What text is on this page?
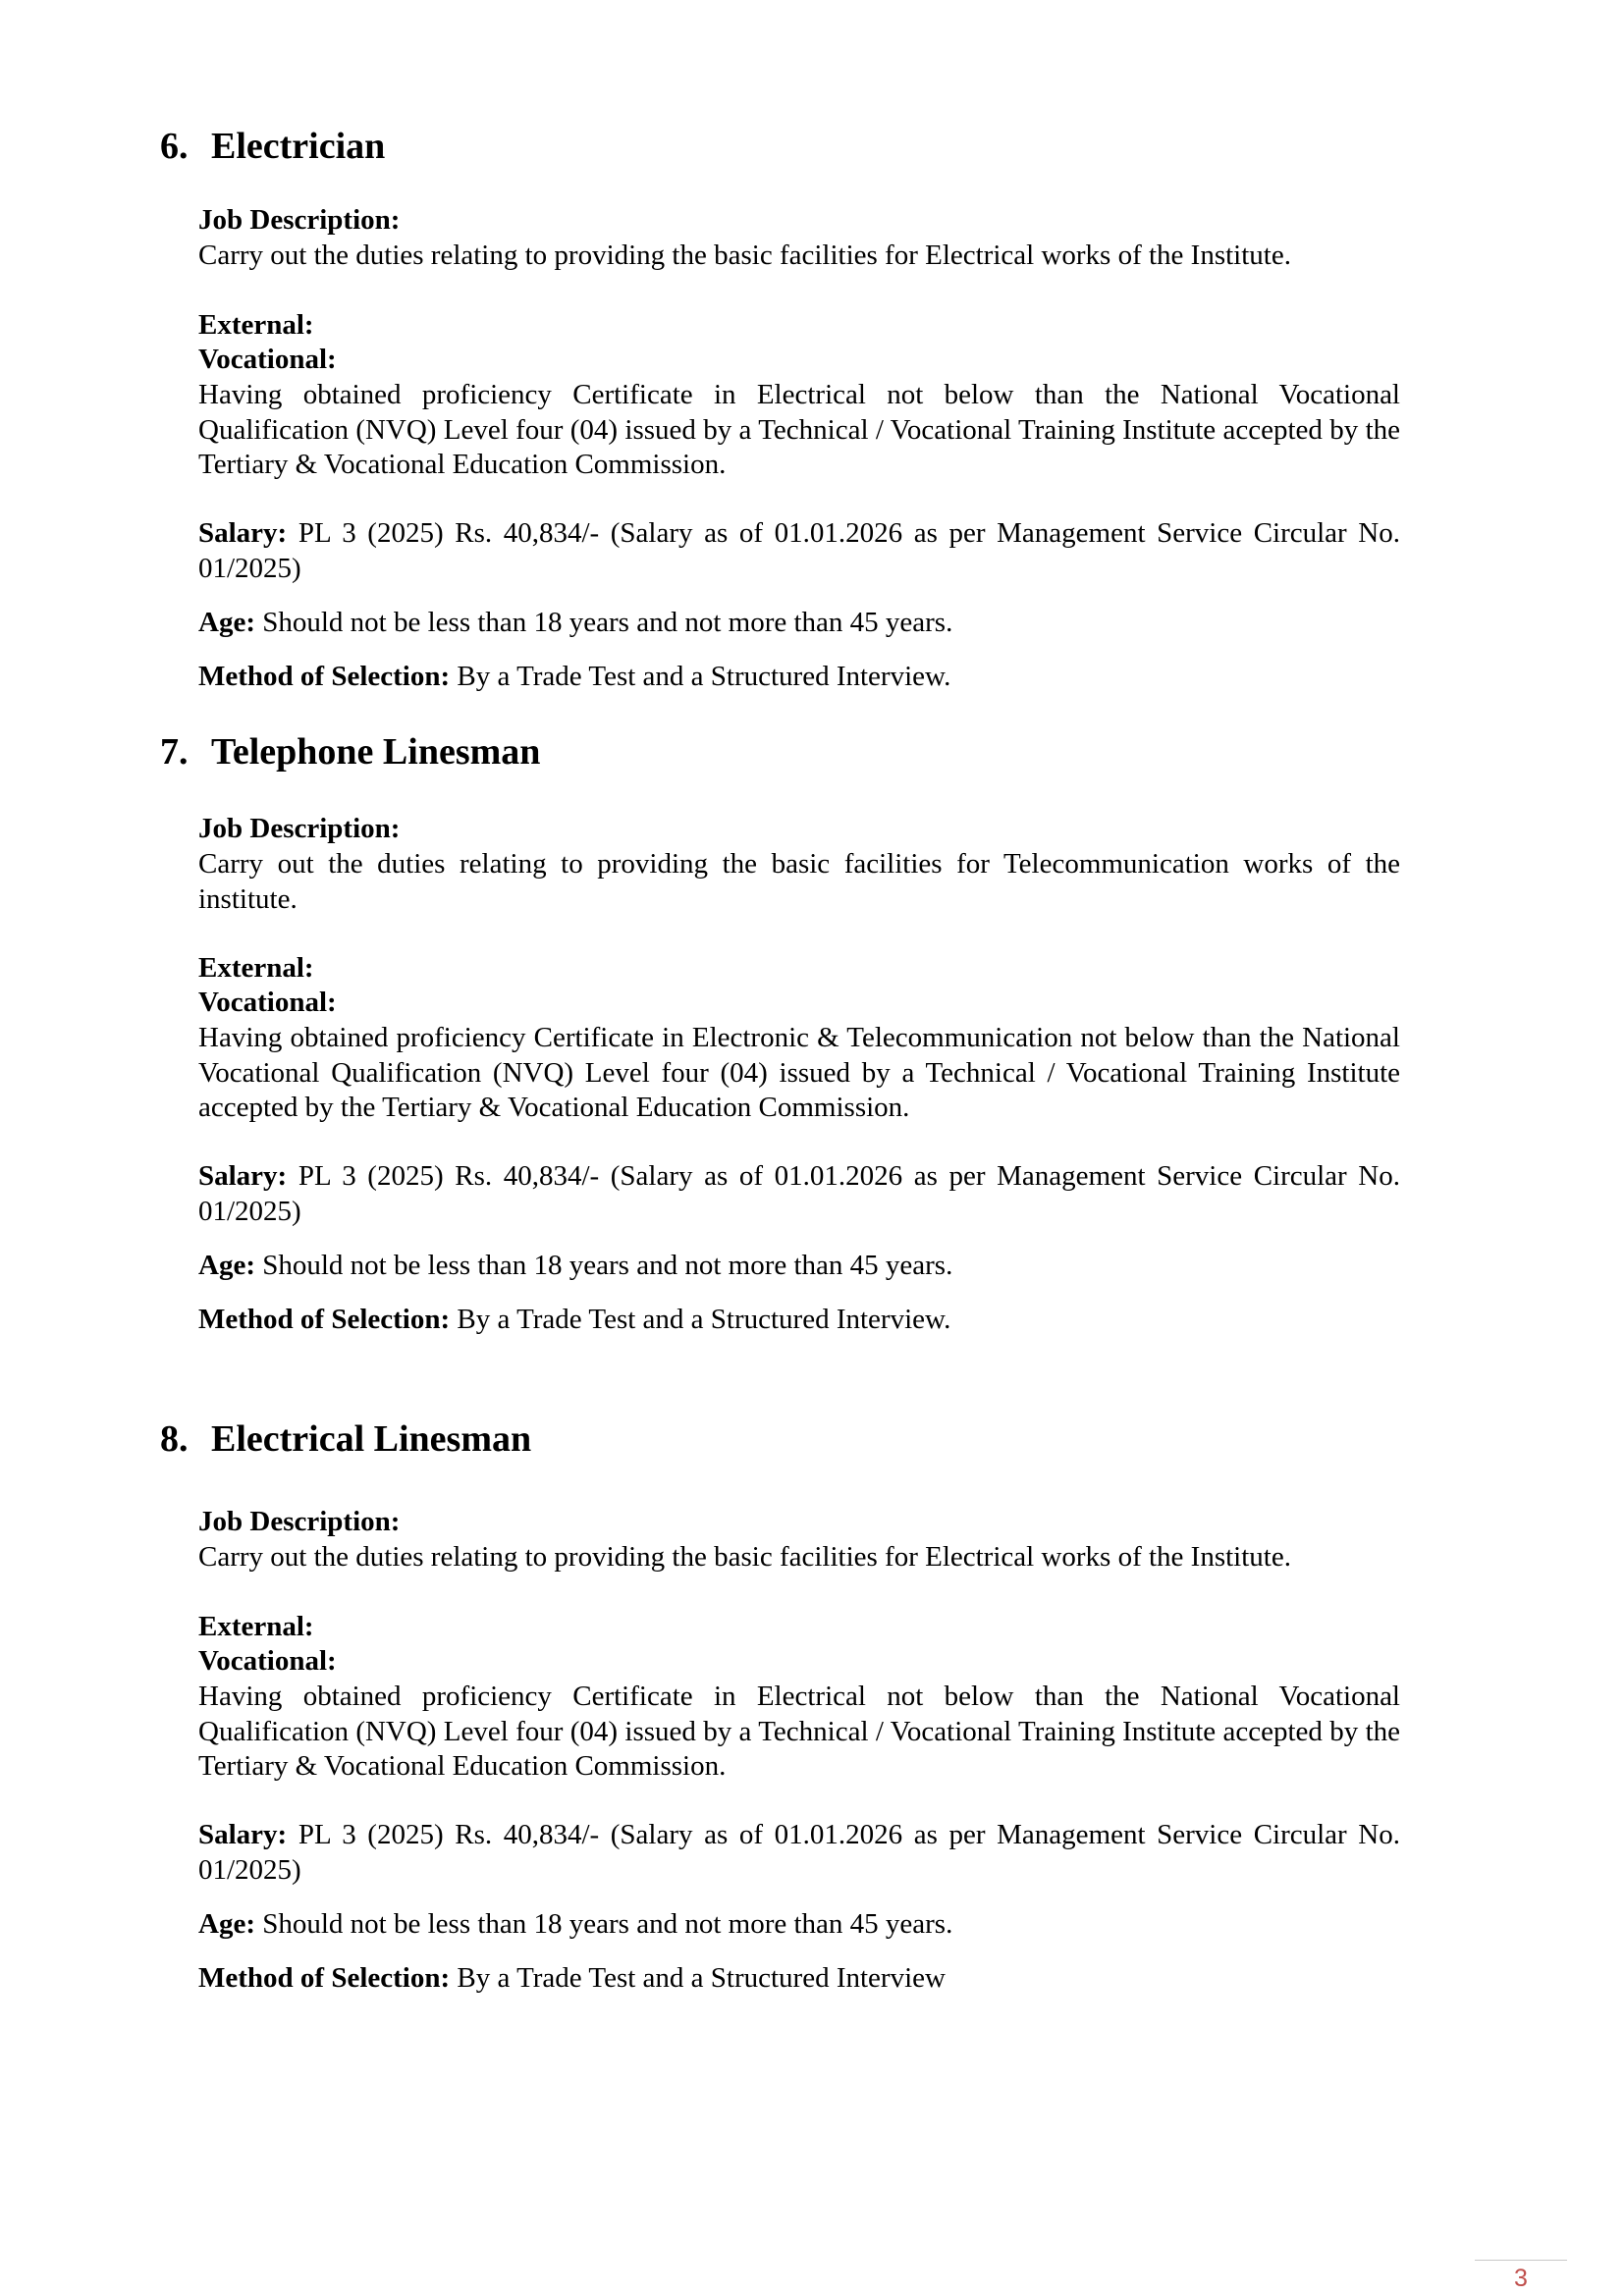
6. Electrician
Job Description:

Carry out the duties relating to providing the basic facilities for Electrical works of the Institute.

External:
Vocational:

Having obtained proficiency Certificate in Electrical not below than the National Vocational Qualification (NVQ) Level four (04) issued by a Technical / Vocational Training Institute accepted by the Tertiary & Vocational Education Commission.

Salary: PL 3 (2025) Rs. 40,834/- (Salary as of 01.01.2026 as per Management Service Circular No. 01/2025)

Age: Should not be less than 18 years and not more than 45 years.

Method of Selection: By a Trade Test and a Structured Interview.

7. Telephone Linesman
Job Description:

Carry out the duties relating to providing the basic facilities for Telecommunication works of the institute.

External:
Vocational:

Having obtained proficiency Certificate in Electronic & Telecommunication not below than the National Vocational Qualification (NVQ) Level four (04) issued by a Technical / Vocational Training Institute accepted by the Tertiary & Vocational Education Commission.

Salary: PL 3 (2025) Rs. 40,834/- (Salary as of 01.01.2026 as per Management Service Circular No. 01/2025)

Age: Should not be less than 18 years and not more than 45 years.

Method of Selection: By a Trade Test and a Structured Interview.

8. Electrical Linesman
Job Description:

Carry out the duties relating to providing the basic facilities for Electrical works of the Institute.

External:
Vocational:

Having obtained proficiency Certificate in Electrical not below than the National Vocational Qualification (NVQ) Level four (04) issued by a Technical / Vocational Training Institute accepted by the Tertiary & Vocational Education Commission.

Salary: PL 3 (2025) Rs. 40,834/- (Salary as of 01.01.2026 as per Management Service Circular No. 01/2025)

Age: Should not be less than 18 years and not more than 45 years.

Method of Selection: By a Trade Test and a Structured Interview

3
